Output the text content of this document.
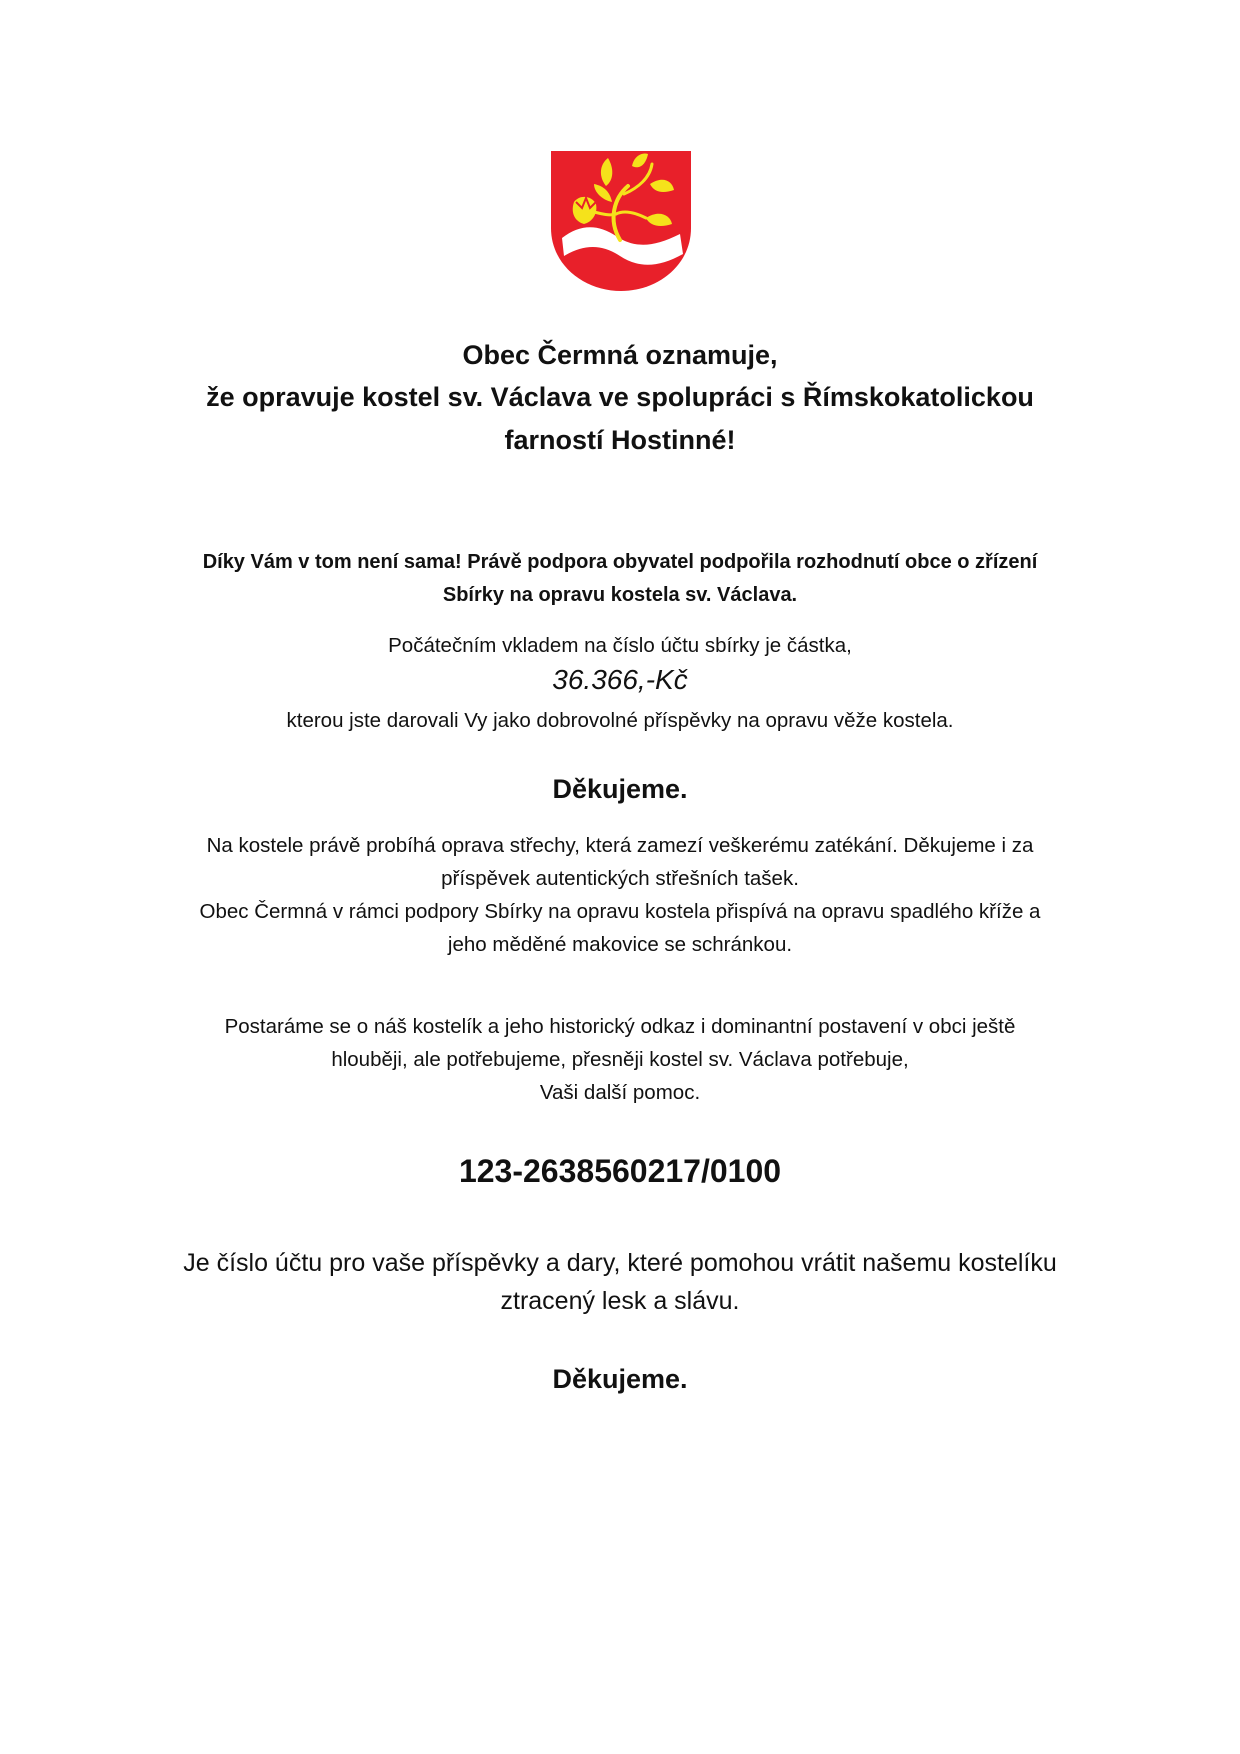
Obec Čermná oznamuje,
že opravuje kostel sv. Václava ve spolupráci s Římskokatolickou
farností Hostinné!
Díky Vám v tom není sama! Právě podpora obyvatel podpořila rozhodnutí obce o zřízení
Sbírky na opravu kostela sv. Václava.
Počátečním vkladem na číslo účtu sbírky je částka,
36.366,-Kč
kterou jste darovali Vy jako dobrovolné příspěvky na opravu věže kostela.
Děkujeme.
Na kostele právě probíhá oprava střechy, která zamezí veškerému zatékání. Děkujeme i za
příspěvek autentických střešních tašek.
Obec Čermná v rámci podpory Sbírky na opravu kostela přispívá na opravu spadlého kříže a
jeho měděné makovice se schránkou.
Postaráme se o náš kostelík a jeho historický odkaz i dominantní postavení v obci ještě
hlouběji, ale potřebujeme, přesněji kostel sv. Václava potřebuje,
Vaši další pomoc.
123-2638560217/0100
Je číslo účtu pro vaše příspěvky a dary, které pomohou vrátit našemu kostelíku
ztracený lesk a slávu.
Děkujeme.
